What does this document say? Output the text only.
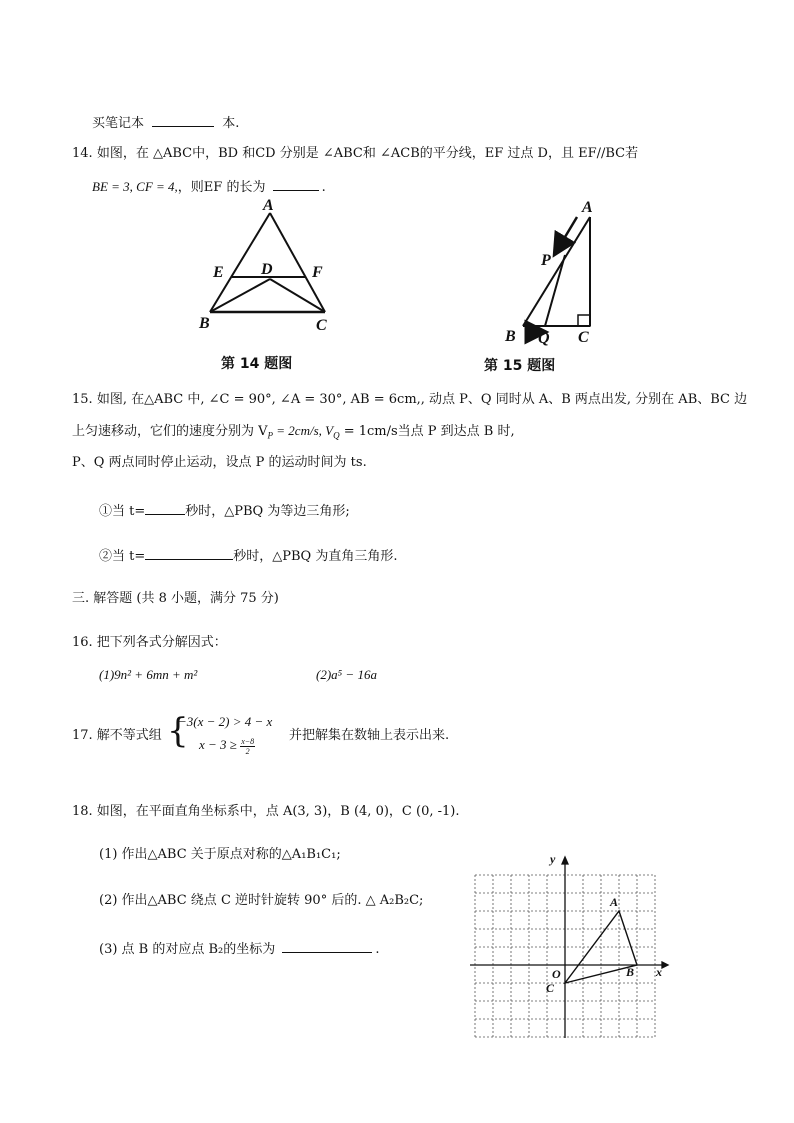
买笔记本	本.
14. 如图，在 △ABC中，BD 和CD 分别是 ∠ABC和 ∠ACB的平分线，EF 过点 D，且 EF//BC若
BE = 3, CF = 4,，则EF 的长为	.
A
E D F
B	C
第 14 题图
A
P
B Q C
第 15 题图
15. 如图, 在△ABC 中, ∠C = 90°, ∠A = 30°, AB = 6cm,, 动点 P、Q 同时从 A、B 两点出发, 分别在 AB、BC 边
上匀速移动，它们的速度分别为 $V_P = 2cm/s$, $V_Q = 1cm/s$当点 P 到达点 B 时,
P、Q 两点同时停止运动，设点 P 的运动时间为 ts.
①当 t=	秒时，△PBQ 为等边三角形;
②当 t=	秒时，△PBQ 为直角三角形.
三. 解答题 (共 8 小题，满分 75 分)
16. 把下列各式分解因式：
(1)9n² + 6mn + m²	(2)a⁵ − 16a
17. 解不等式组 {
−3(x − 2) > 4 − x
$x - 3 \ge \frac{x-8}{2}$
并把解集在数轴上表示出来.
18. 如图，在平面直角坐标系中，点 A(3, 3)，B (4, 0)，C (0, -1).
(1) 作出△ABC 关于原点对称的△A₁B₁C₁;
(2) 作出△ABC 绕点 C 逆时针旋转 90° 后的. △ A₂B₂C;
(3) 点 B 的对应点 B₂的坐标为	.
y
x
O
A
B
C
